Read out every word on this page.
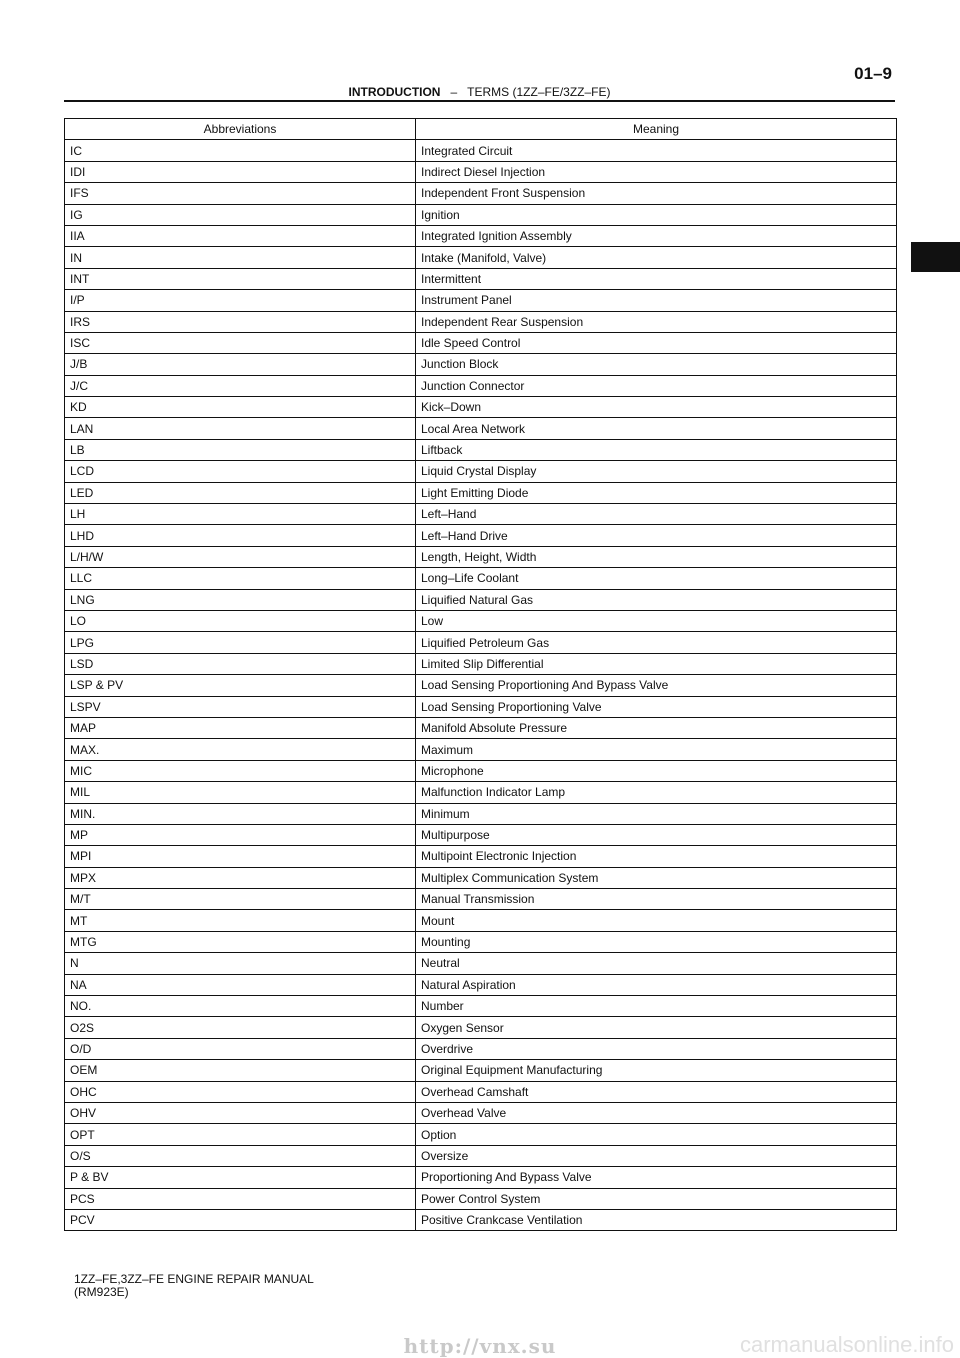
01–9
INTRODUCTION – TERMS (1ZZ–FE/3ZZ–FE)
Abbreviations	Meaning
IC	Integrated Circuit
IDI	Indirect Diesel Injection
IFS	Independent Front Suspension
IG	Ignition
IIA	Integrated Ignition Assembly
IN	Intake (Manifold, Valve)
INT	Intermittent
I/P	Instrument Panel
IRS	Independent Rear Suspension
ISC	Idle Speed Control
J/B	Junction Block
J/C	Junction Connector
KD	Kick–Down
LAN	Local Area Network
LB	Liftback
LCD	Liquid Crystal Display
LED	Light Emitting Diode
LH	Left–Hand
LHD	Left–Hand Drive
L/H/W	Length, Height, Width
LLC	Long–Life Coolant
LNG	Liquified Natural Gas
LO	Low
LPG	Liquified Petroleum Gas
LSD	Limited Slip Differential
LSP & PV	Load Sensing Proportioning And Bypass Valve
LSPV	Load Sensing Proportioning Valve
MAP	Manifold Absolute Pressure
MAX.	Maximum
MIC	Microphone
MIL	Malfunction Indicator Lamp
MIN.	Minimum
MP	Multipurpose
MPI	Multipoint Electronic Injection
MPX	Multiplex Communication System
M/T	Manual Transmission
MT	Mount
MTG	Mounting
N	Neutral
NA	Natural Aspiration
NO.	Number
O2S	Oxygen Sensor
O/D	Overdrive
OEM	Original Equipment Manufacturing
OHC	Overhead Camshaft
OHV	Overhead Valve
OPT	Option
O/S	Oversize
P & BV	Proportioning And Bypass Valve
PCS	Power Control System
PCV	Positive Crankcase Ventilation
1ZZ–FE,3ZZ–FE ENGINE REPAIR MANUAL
(RM923E)
http://vnx.su	carmanualsonline.info
